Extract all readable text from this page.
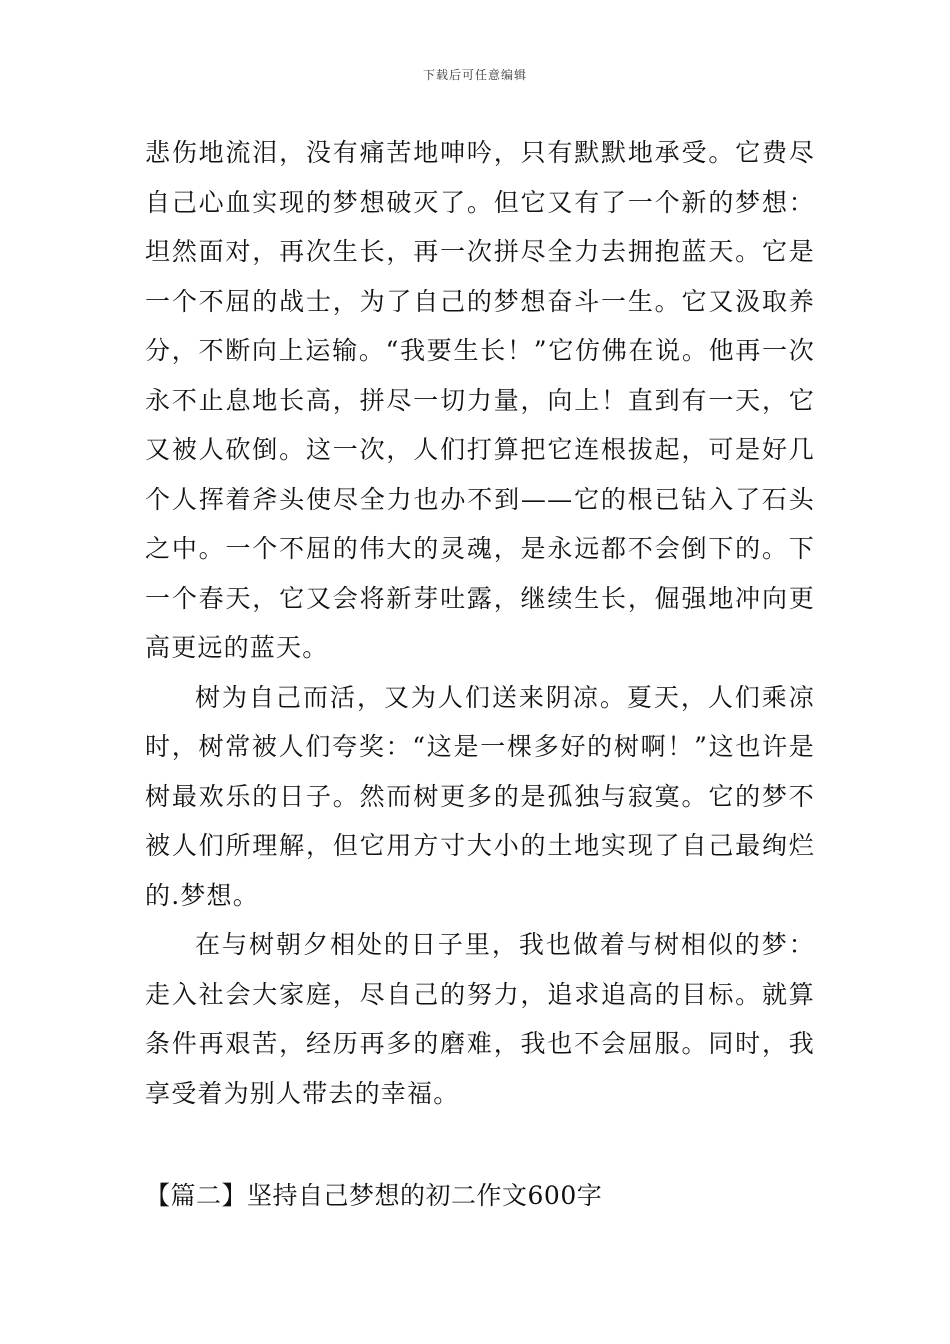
下载后可任意编辑

悲伤地流泪，没有痛苦地呻吟，只有默默地承受。它费尽自己心血实现的梦想破灭了。但它又有了一个新的梦想：坦然面对，再次生长，再一次拼尽全力去拥抱蓝天。它是一个不屈的战士，为了自己的梦想奋斗一生。它又汲取养分，不断向上运输。“我要生长！”它仿佛在说。他再一次永不止息地长高，拼尽一切力量，向上！直到有一天，它又被人砍倒。这一次，人们打算把它连根拔起，可是好几个人挥着斧头使尽全力也办不到——它的根已钻入了石头之中。一个不屈的伟大的灵魂，是永远都不会倒下的。下一个春天，它又会将新芽吐露，继续生长，倔强地冲向更高更远的蓝天。

树为自己而活，又为人们送来阴凉。夏天，人们乘凉时，树常被人们夸奖：“这是一棵多好的树啊！”这也许是树最欢乐的日子。然而树更多的是孤独与寂寞。它的梦不被人们所理解，但它用方寸大小的土地实现了自己最绚烂的.梦想。

在与树朝夕相处的日子里，我也做着与树相似的梦：走入社会大家庭，尽自己的努力，追求追高的目标。就算条件再艰苦，经历再多的磨难，我也不会屈服。同时，我享受着为别人带去的幸福。

【篇二】坚持自己梦想的初二作文600字
